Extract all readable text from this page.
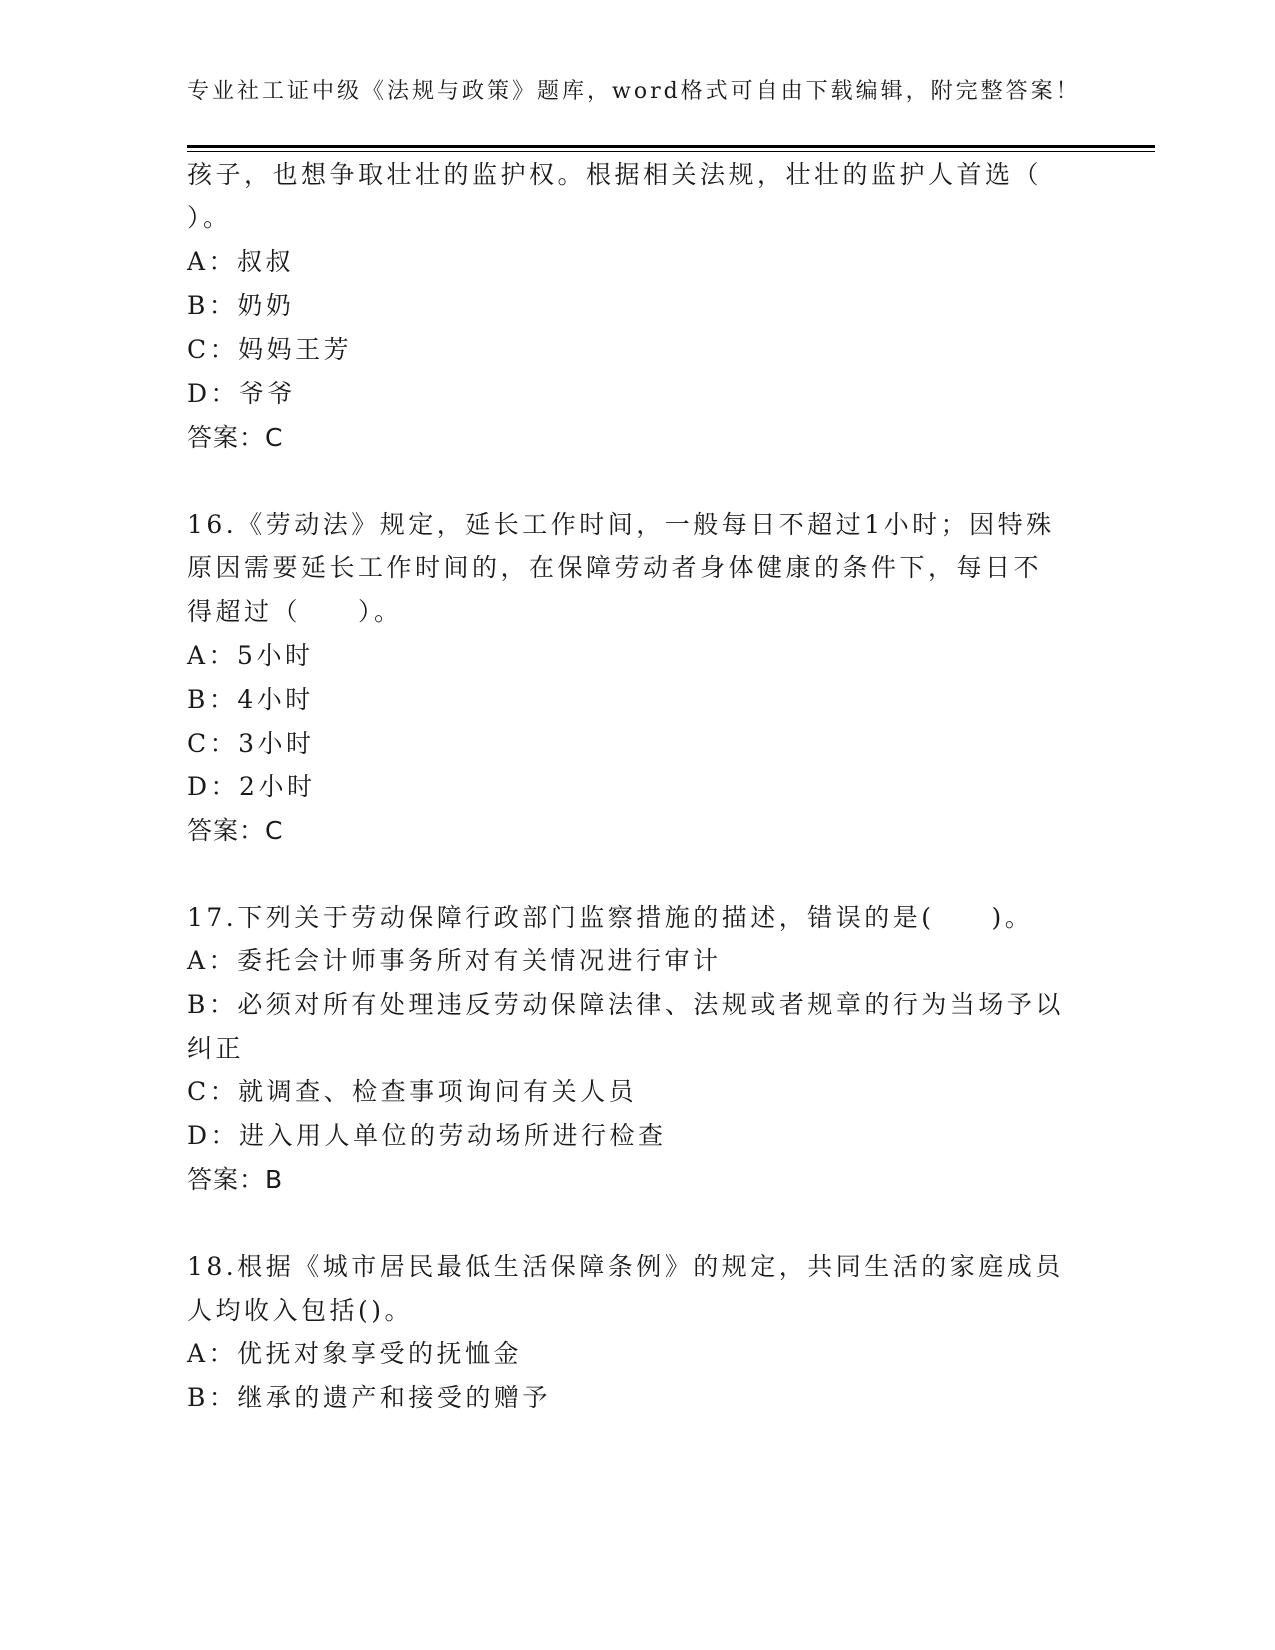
专业社工证中级《法规与政策》题库，word格式可自由下载编辑，附完整答案！
孩子，也想争取壮壮的监护权。根据相关法规，壮壮的监护人首选（
）。
A：叔叔
B：奶奶
C：妈妈王芳
D：爷爷
答案：C
16.《劳动法》规定，延长工作时间，一般每日不超过1小时；因特殊
原因需要延长工作时间的，在保障劳动者身体健康的条件下，每日不
得超过（　　）。
A：5小时
B：4小时
C：3小时
D：2小时
答案：C
17.下列关于劳动保障行政部门监察措施的描述，错误的是(　　)。
A：委托会计师事务所对有关情况进行审计
B：必须对所有处理违反劳动保障法律、法规或者规章的行为当场予以
纠正
C：就调查、检查事项询问有关人员
D：进入用人单位的劳动场所进行检查
答案：B
18.根据《城市居民最低生活保障条例》的规定，共同生活的家庭成员
人均收入包括()。
A：优抚对象享受的抚恤金
B：继承的遗产和接受的赠予
